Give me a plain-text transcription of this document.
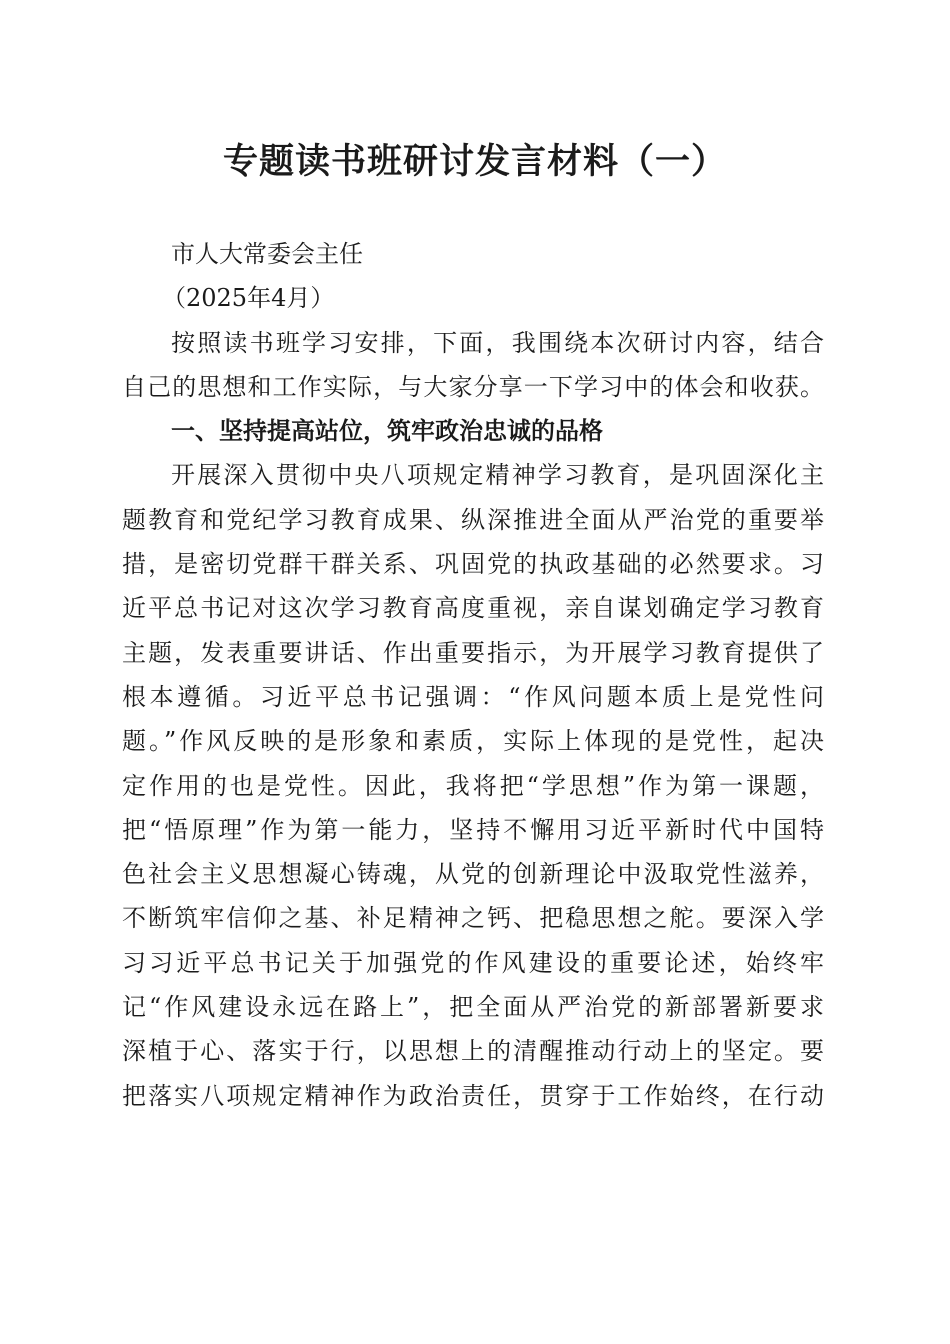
专题读书班研讨发言材料（一）
市人大常委会主任
（2025年4月）
按照读书班学习安排，下面，我围绕本次研讨内容，结合
自己的思想和工作实际，与大家分享一下学习中的体会和收获。
一、坚持提高站位，筑牢政治忠诚的品格
开展深入贯彻中央八项规定精神学习教育，是巩固深化主
题教育和党纪学习教育成果、纵深推进全面从严治党的重要举
措，是密切党群干群关系、巩固党的执政基础的必然要求。习
近平总书记对这次学习教育高度重视，亲自谋划确定学习教育
主题，发表重要讲话、作出重要指示，为开展学习教育提供了
根本遵循。习近平总书记强调：“作风问题本质上是党性问
题。”作风反映的是形象和素质，实际上体现的是党性，起决
定作用的也是党性。因此，我将把“学思想”作为第一课题，
把“悟原理”作为第一能力，坚持不懈用习近平新时代中国特
色社会主义思想凝心铸魂，从党的创新理论中汲取党性滋养，
不断筑牢信仰之基、补足精神之钙、把稳思想之舵。要深入学
习习近平总书记关于加强党的作风建设的重要论述，始终牢
记“作风建设永远在路上”，把全面从严治党的新部署新要求
深植于心、落实于行，以思想上的清醒推动行动上的坚定。要
把落实八项规定精神作为政治责任，贯穿于工作始终，在行动
